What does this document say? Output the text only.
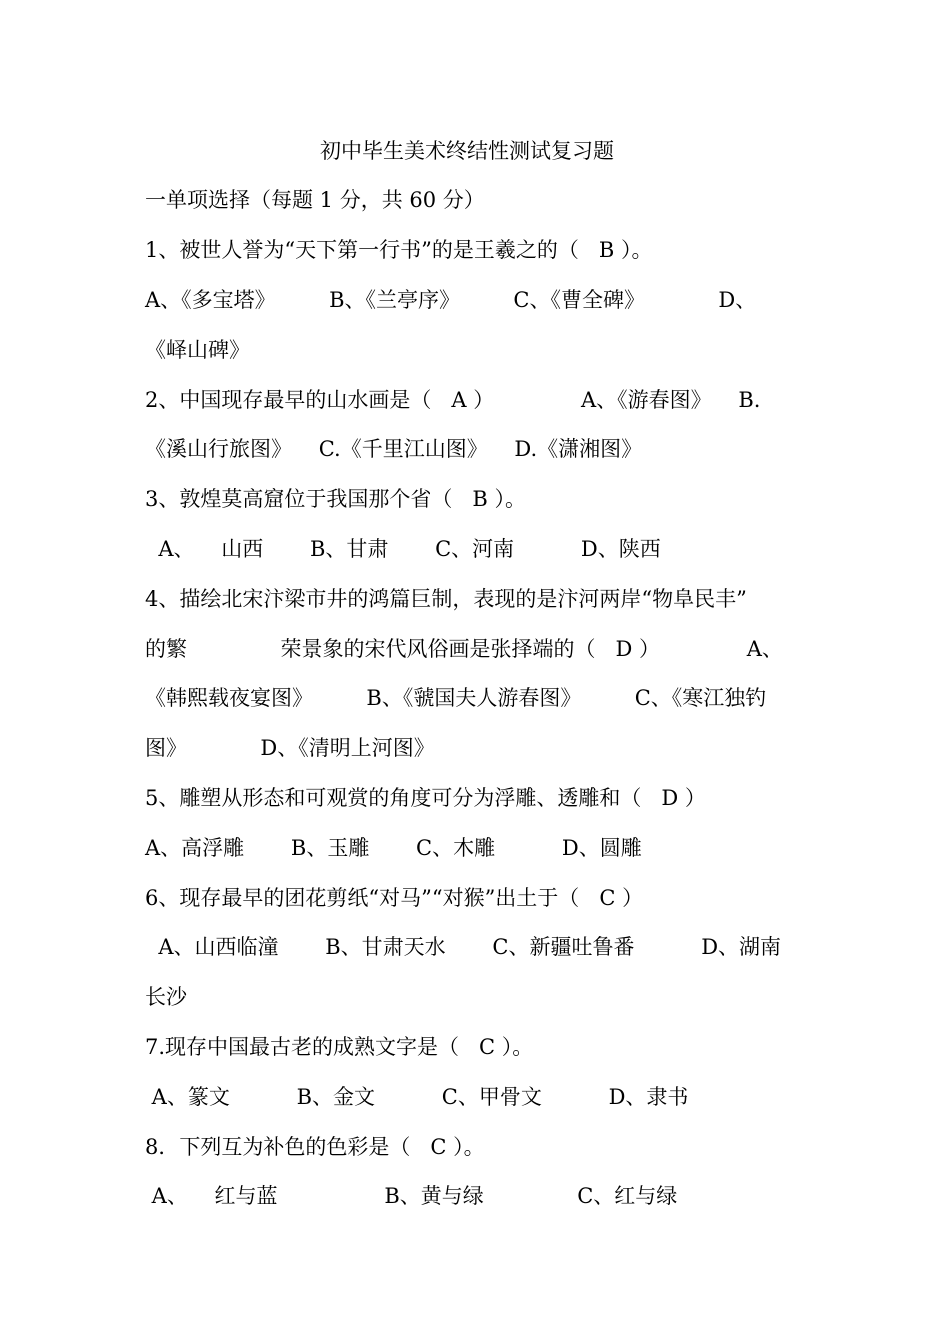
初中毕生美术终结性测试复习题
一单项选择（每题 1 分，共 60 分）
1、被世人誉为“天下第一行书”的是王羲之的（   B ）。
A、《多宝塔》        B、《兰亭序》        C、《曹全碑》           D、
《峄山碑》
2、中国现存最早的山水画是（   A ）             A、《游春图》    B.
《溪山行旅图》    C.《千里江山图》    D.《潇湘图》
3、敦煌莫高窟位于我国那个省（   B ）。
A、    山西       B、甘肃       C、河南          D、陕西
4、描绘北宋汴梁市井的鸿篇巨制，表现的是汴河两岸“物阜民丰”
的繁              荣景象的宋代风俗画是张择端的（   D ）             A、
《韩熙载夜宴图》        B、《虢国夫人游春图》        C、《寒江独钓
图》           D、《清明上河图》
5、雕塑从形态和可观赏的角度可分为浮雕、透雕和（   D ）
A、高浮雕       B、玉雕       C、木雕          D、圆雕
6、现存最早的团花剪纸“对马”“对猴”出土于（   C ）
A、山西临潼       B、甘肃天水       C、新疆吐鲁番          D、湖南
长沙
7.现存中国最古老的成熟文字是（   C ）。
A、篆文          B、金文          C、甲骨文          D、隶书
8．下列互为补色的色彩是（   C ）。
A、    红与蓝                B、黄与绿              C、红与绿
